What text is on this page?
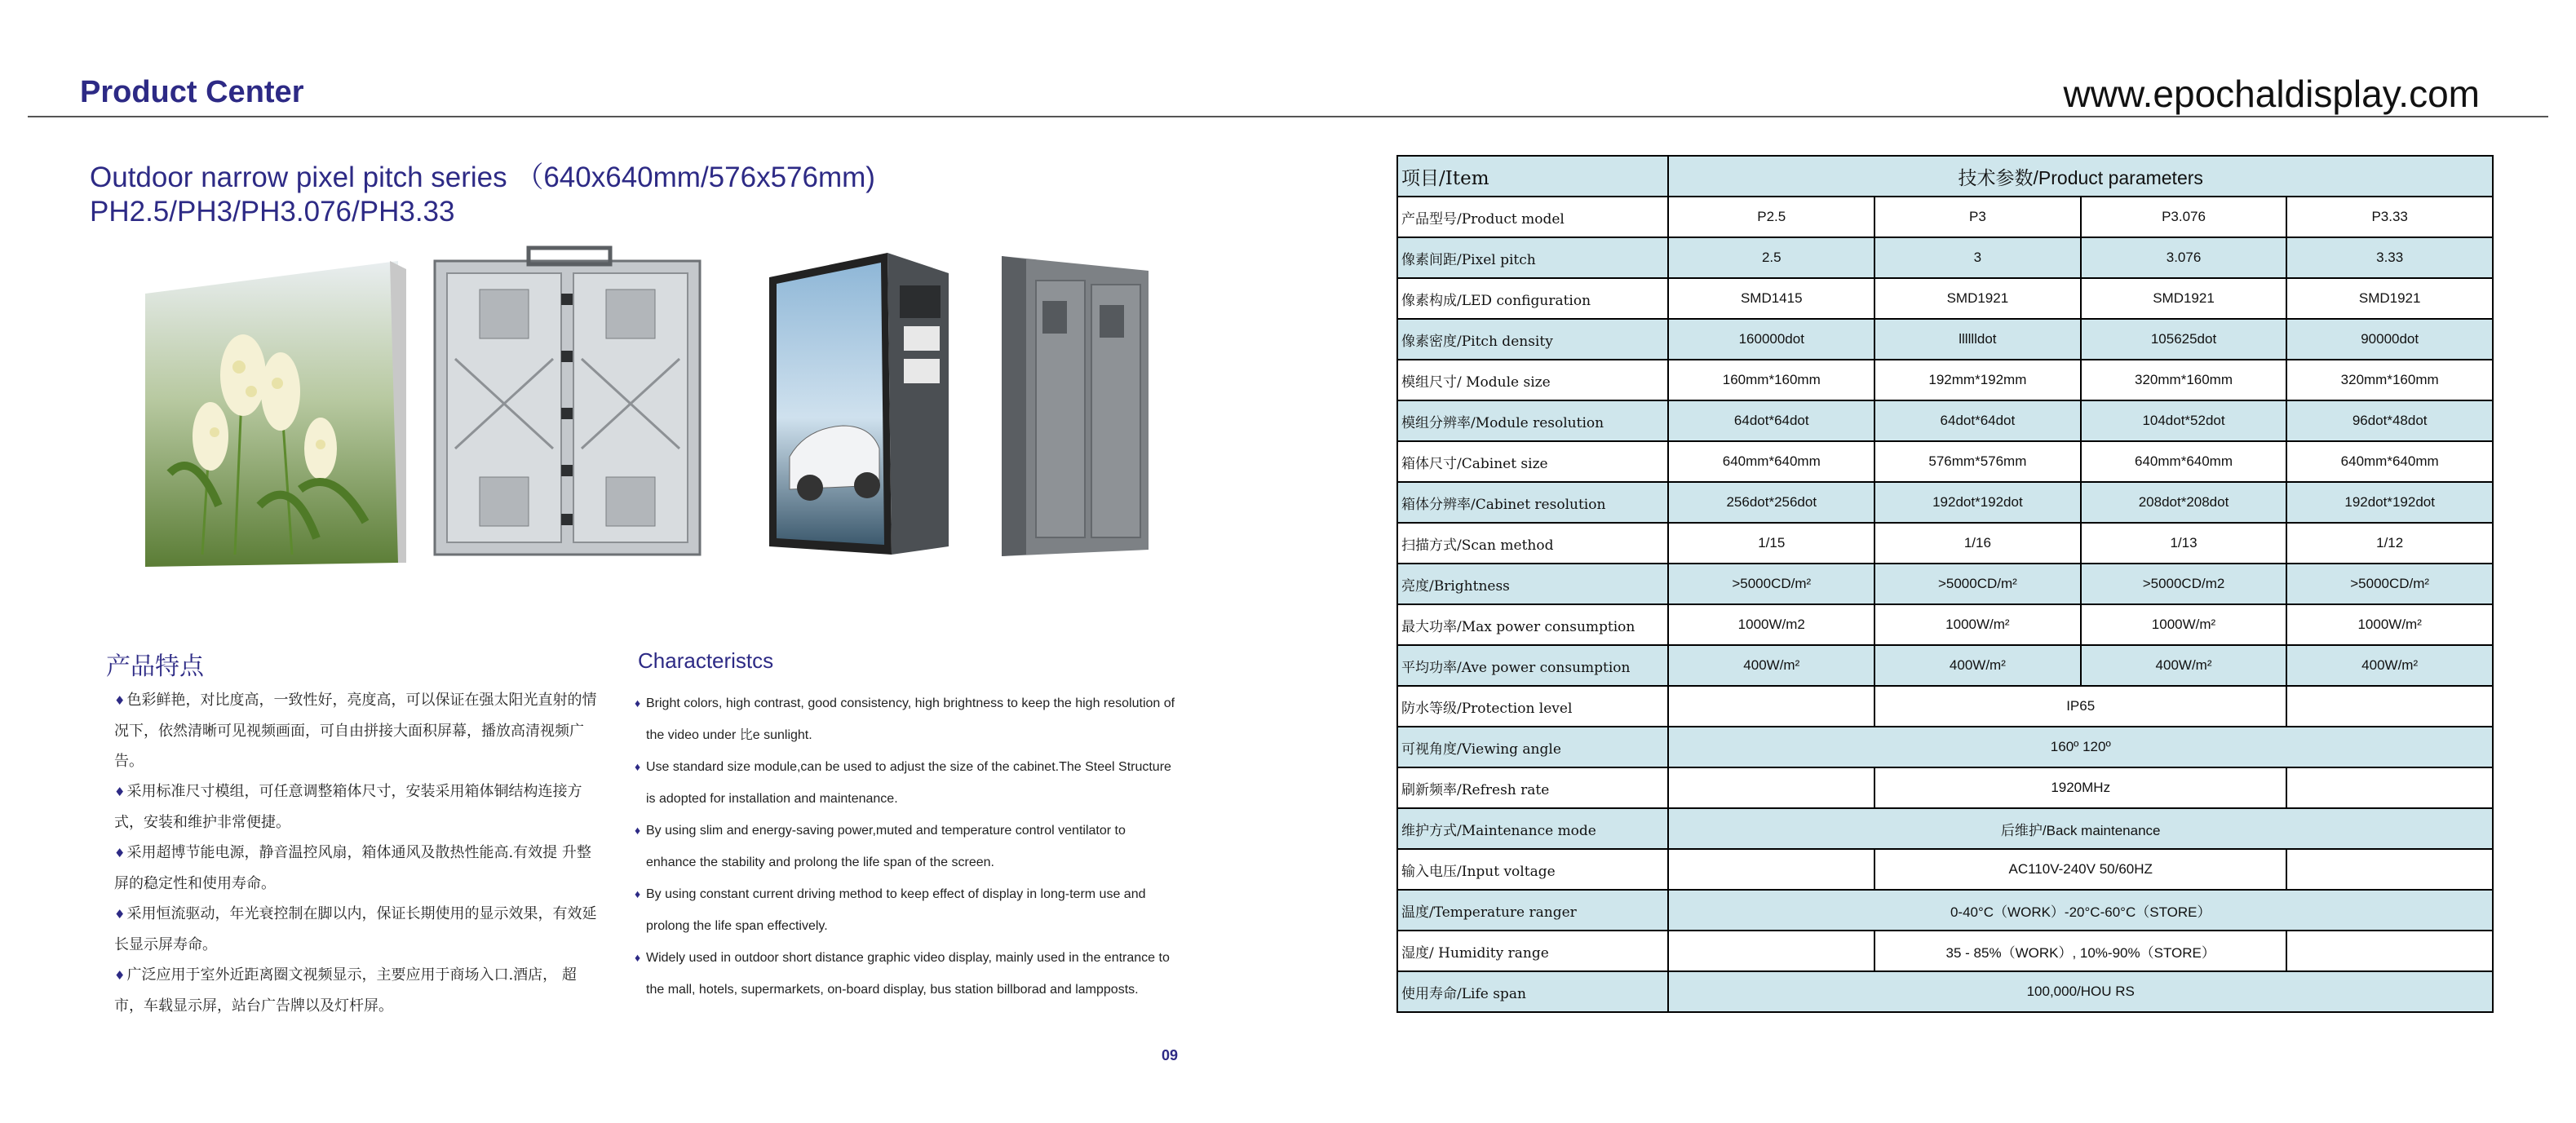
Product Center	www.epochaldisplay.com
Outdoor narrow pixel pitch series （640x640mm/576x576mm)
PH2.5/PH3/PH3.076/PH3.33
产品特点
♦ 色彩鲜艳，对比度高，一致性好，亮度高，可以保证在强太阳光直射的情况下，依然清晰可见视频画面，可自由拼接大面积屏幕，播放高清视频广告。
♦ 采用标准尺寸模组，可任意调整箱体尺寸，安装采用箱体铜结构连接方式，安装和维护非常便捷。
♦ 采用超博节能电源，静音温控风扇，箱体通风及散热性能高.有效提 升整屏的稳定性和使用寿命。
♦ 采用恒流驱动，年光衰控制在脚以内，保证长期使用的显示效果，有效延长显示屏寿命。
♦ 广泛应用于室外近距离圈文视频显示，主要应用于商场入口.酒店， 超市，车载显示屏，站台广告牌以及灯杆屏。
Characteristcs
♦ Bright colors, high contrast, good consistency, high brightness to keep the high resolution of the video under 比e sunlight.
♦ Use standard size module,can be used to adjust the size of the cabinet.The Steel Structure is adopted for installation and maintenance.
♦ By using slim and energy-saving power,muted and temperature control ventilator to enhance the stability and prolong the life span of the screen.
♦ By using constant current driving method to keep effect of display in long-term use and prolong the life span effectively.
♦ Widely used in outdoor short distance graphic video display, mainly used in the entrance to the mall, hotels, supermarkets, on-board display, bus station billborad and lampposts.
09
项目/Item	技术参数/Product parameters			
产品型号/Product model	P2.5	P3	P3.076	P3.33
像素间距/Pixel pitch	2.5	3	3.076	3.33
像素构成/LED configuration	SMD1415	SMD1921	SMD1921	SMD1921
像素密度/Pitch density	160000dot	lllllldot	105625dot	90000dot
模组尺寸/ Module size	160mm*160mm	192mm*192mm	320mm*160mm	320mm*160mm
模组分辨率/Module resolution	64dot*64dot	64dot*64dot	104dot*52dot	96dot*48dot
箱体尺寸/Cabinet size	640mm*640mm	576mm*576mm	640mm*640mm	640mm*640mm
箱体分辨率/Cabinet resolution	256dot*256dot	192dot*192dot	208dot*208dot	192dot*192dot
扫描方式/Scan method	1/15	1/16	1/13	1/12
亮度/Brightness	>5000CD/m²	>5000CD/m²	>5000CD/m2	>5000CD/m²
最大功率/Max power consumption	1000W/m2	1000W/m²	1000W/m²	1000W/m²
平均功率/Ave power consumption	400W/m²	400W/m²	400W/m²	400W/m²
防水等级/Protection level		IP65		
可视角度/Viewing angle	160º 120º			
刷新频率/Refresh rate		1920MHz		
维护方式/Maintenance mode	后维护/Back maintenance			
输入电压/Input voltage		AC110V-240V 50/60HZ		
温度/Temperature ranger	0-40°C（WORK）-20°C-60°C（STORE）			
湿度/ Humidity range		35 - 85%（WORK）, 10%-90%（STORE）		
使用寿命/Life span	100,000/HOU RS			
